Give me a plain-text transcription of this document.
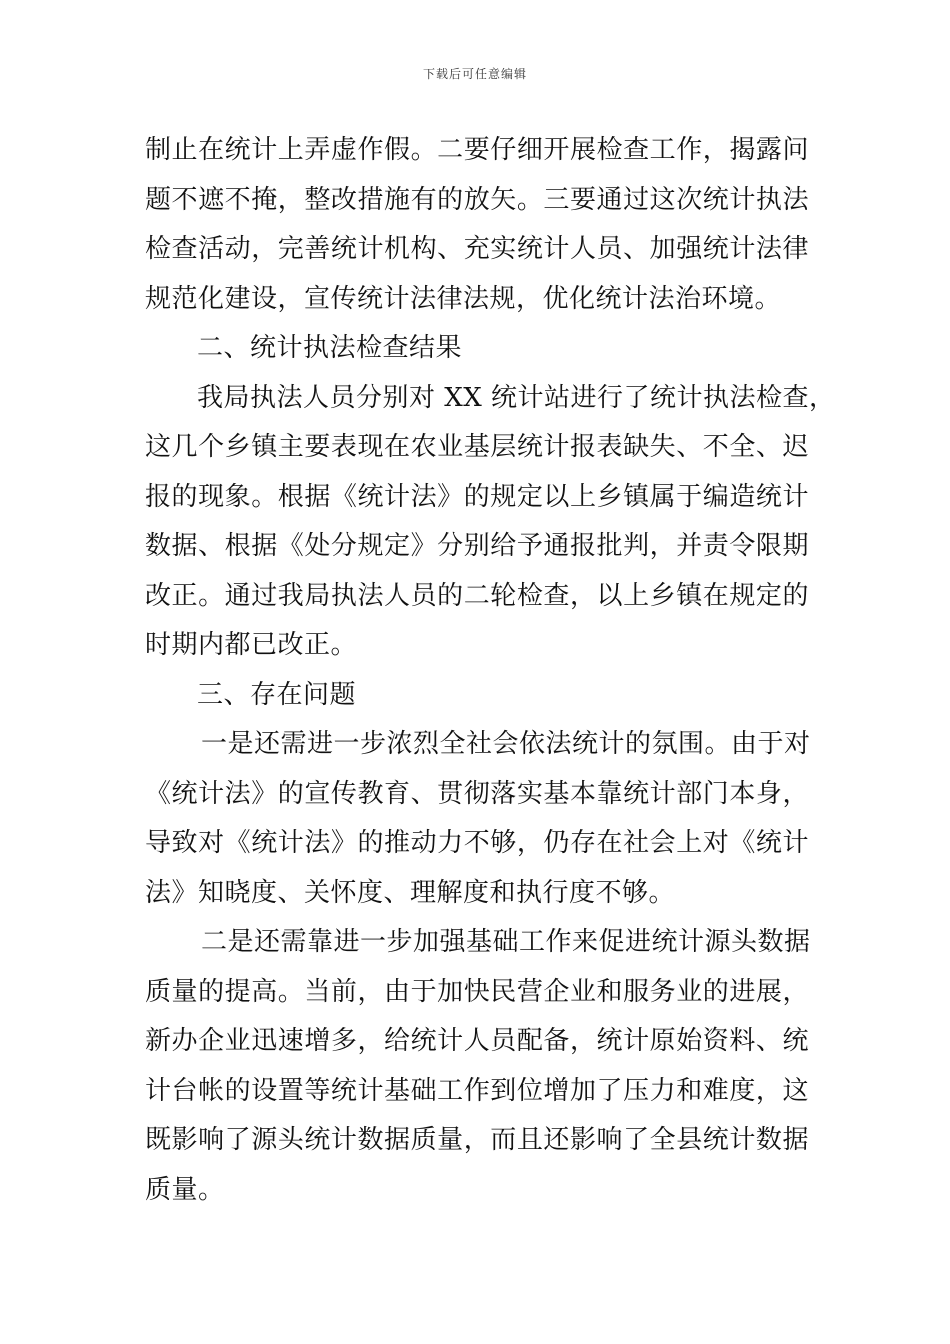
下载后可任意编辑
制止在统计上弄虚作假。二要仔细开展检查工作，揭露问
题不遮不掩，整改措施有的放矢。三要通过这次统计执法
检查活动，完善统计机构、充实统计人员、加强统计法律
规范化建设，宣传统计法律法规，优化统计法治环境。
二、统计执法检查结果
我局执法人员分别对 XX 统计站进行了统计执法检查，
这几个乡镇主要表现在农业基层统计报表缺失、不全、迟
报的现象。根据《统计法》的规定以上乡镇属于编造统计
数据、根据《处分规定》分别给予通报批判，并责令限期
改正。通过我局执法人员的二轮检查，以上乡镇在规定的
时期内都已改正。
三、存在问题
一是还需进一步浓烈全社会依法统计的氛围。由于对
《统计法》的宣传教育、贯彻落实基本靠统计部门本身，
导致对《统计法》的推动力不够，仍存在社会上对《统计
法》知晓度、关怀度、理解度和执行度不够。
二是还需靠进一步加强基础工作来促进统计源头数据
质量的提高。当前，由于加快民营企业和服务业的进展，
新办企业迅速增多，给统计人员配备，统计原始资料、统
计台帐的设置等统计基础工作到位增加了压力和难度，这
既影响了源头统计数据质量，而且还影响了全县统计数据
质量。
